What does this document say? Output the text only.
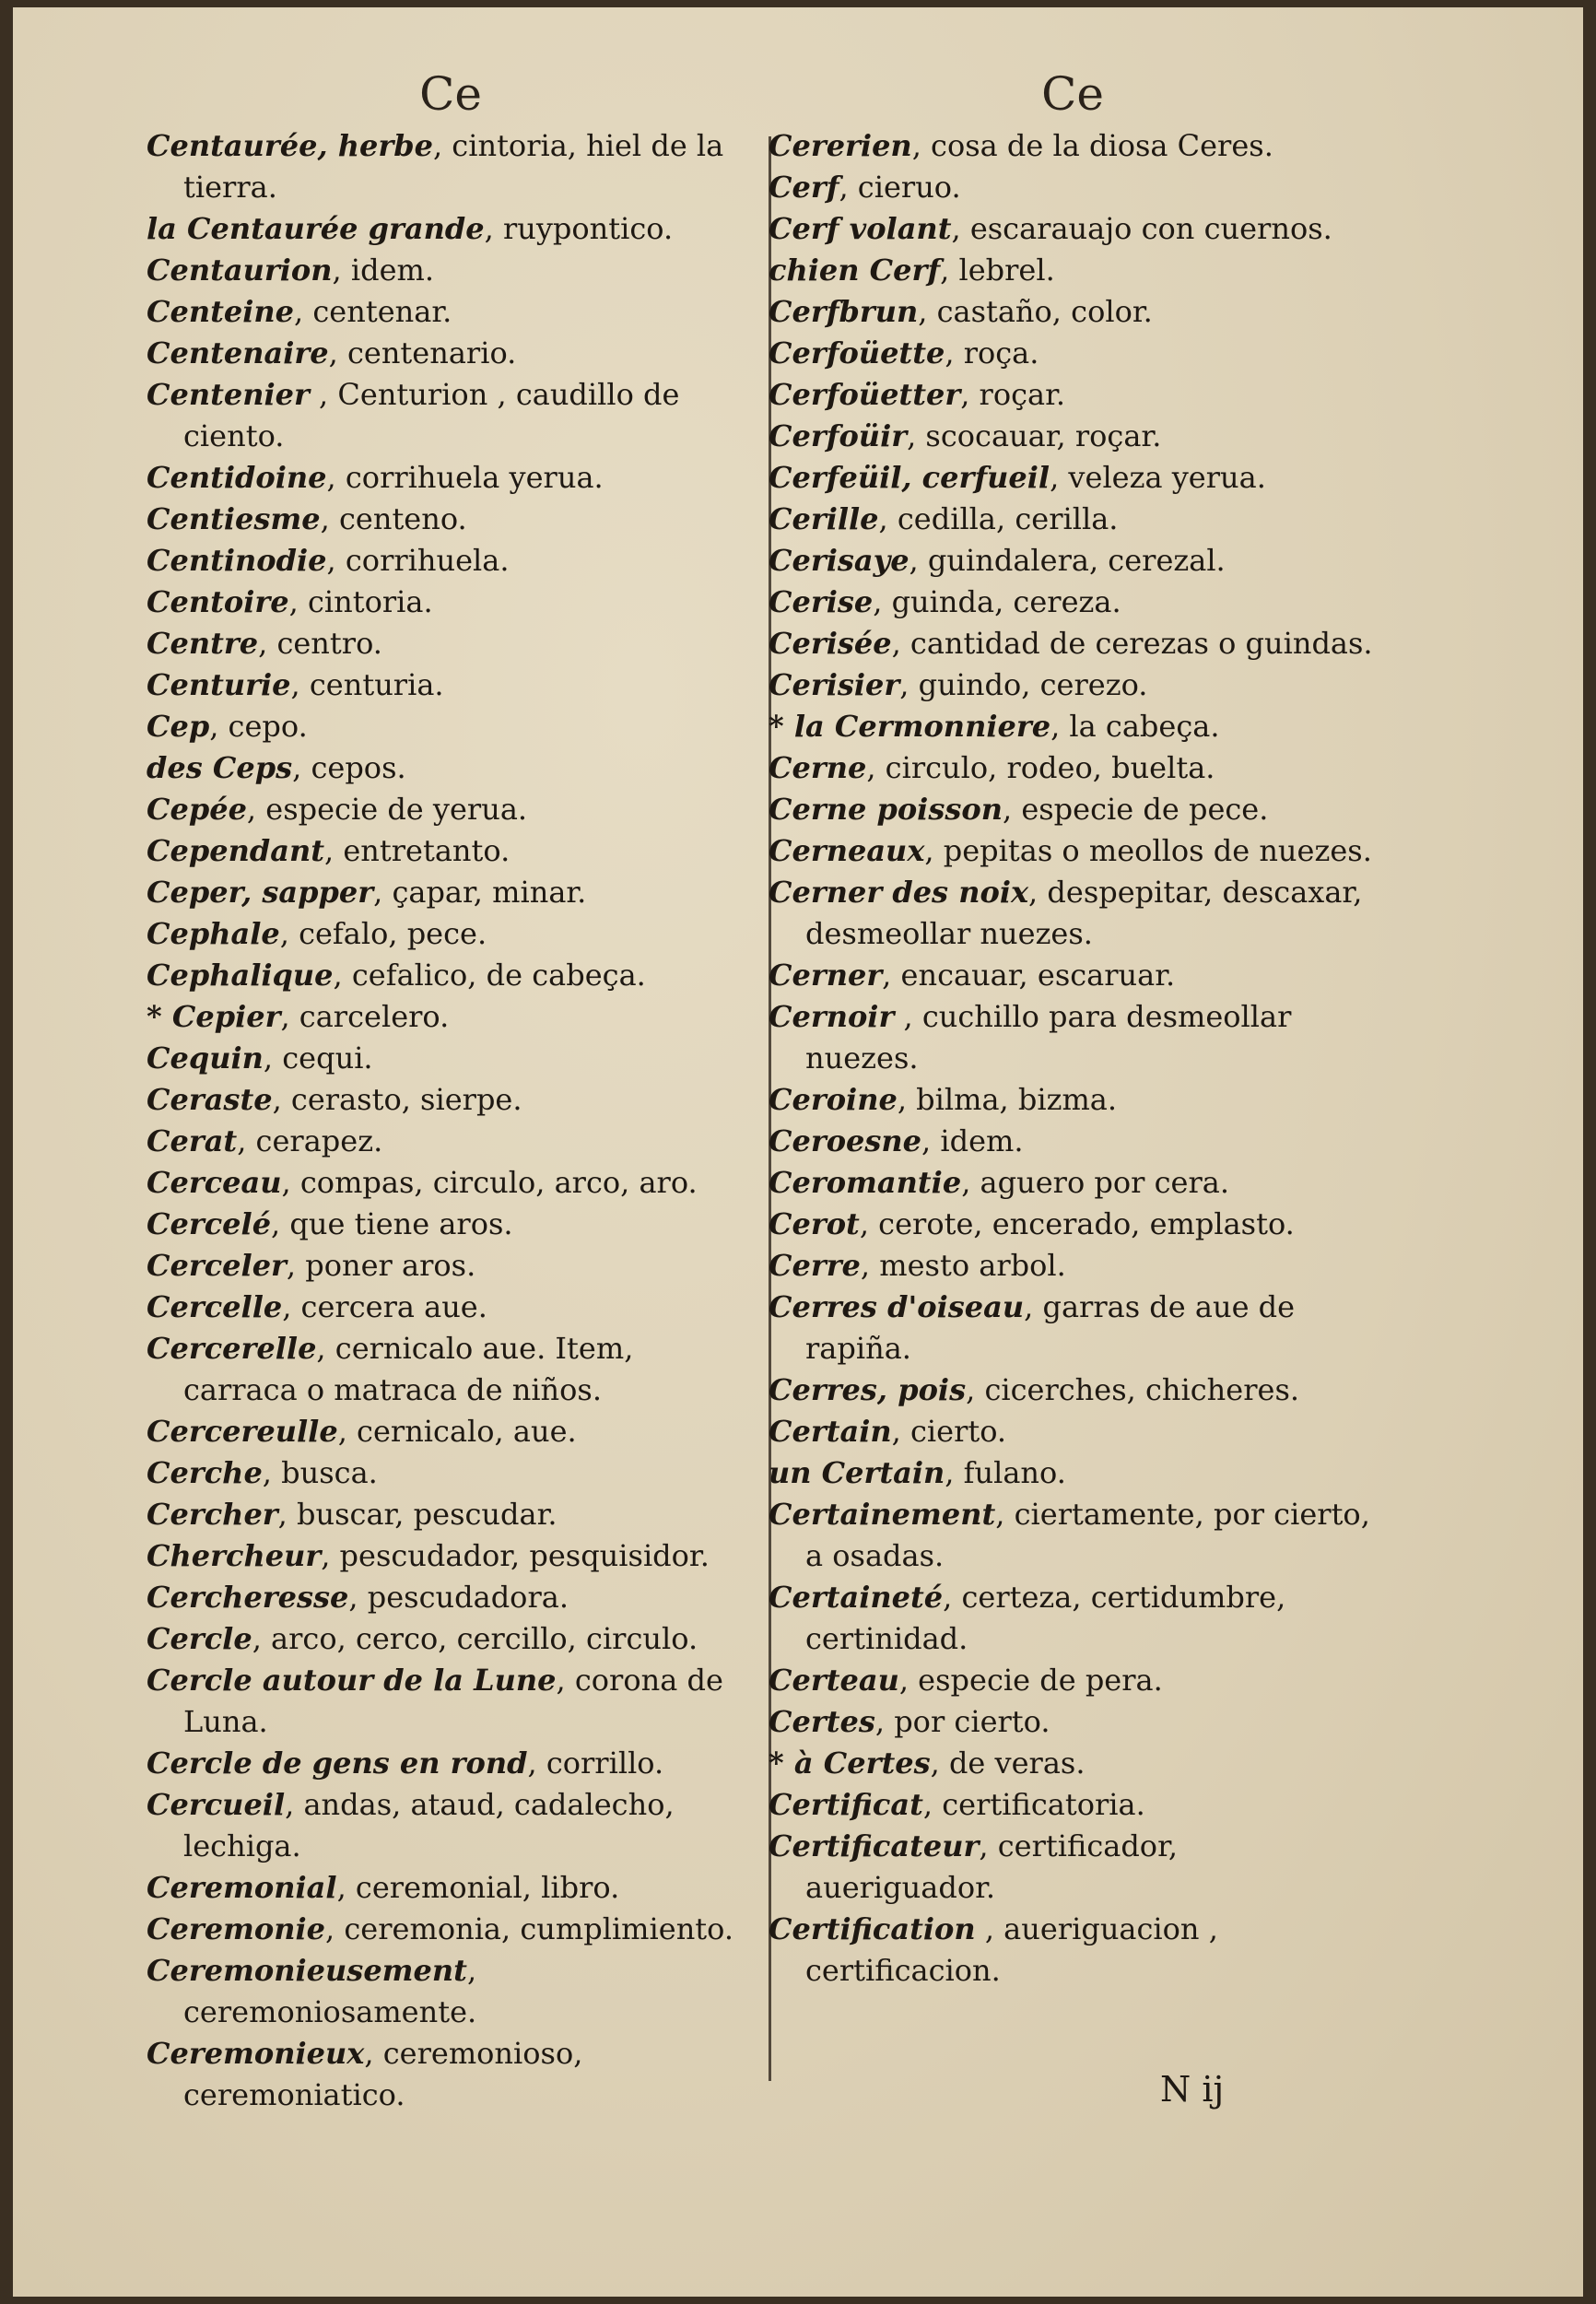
Ce

Centaurée, herbe, cintoria, hiel de la tierra.

la Centaurée grande, ruypontico.

Centaurion, idem.

Centeine, centenar.

Centenaire, centenario.

Centenier , Centurion , caudillo de ciento.

Centidoine, corrihuela yerua.

Centiesme, centeno.

Centinodie, corrihuela.

Centoire, cintoria.

Centre, centro.

Centurie, centuria.

Cep, cepo.

des Ceps, cepos.

Cepée, especie de yerua.

Cependant, entretanto.

Ceper, sapper, çapar, minar.

Cephale, cefalo, pece.

Cephalique, cefalico, de cabeça.

* Cepier, carcelero.

Cequin, cequi.

Ceraste, cerasto, sierpe.

Cerat, cerapez.

Cerceau, compas, circulo, arco, aro.

Cercelé, que tiene aros.

Cerceler, poner aros.

Cercelle, cercera aue.

Cercerelle, cernicalo aue. Item, carraca o matraca de niños.

Cercereulle, cernicalo, aue.

Cerche, busca.

Cercher, buscar, pescudar.

Chercheur, pescudador, pesquisidor.

Cercheresse, pescudadora.

Cercle, arco, cerco, cercillo, circulo.

Cercle autour de la Lune, corona de Luna.

Cercle de gens en rond, corrillo.

Cercueil, andas, ataud, cadalecho, lechiga.

Ceremonial, ceremonial, libro.

Ceremonie, ceremonia, cumplimiento.

Ceremonieusement, ceremoniosamente.

Ceremonieux, ceremonioso, ceremoniatico.

Ce

Cererien, cosa de la diosa Ceres.

Cerf, cieruo.

Cerf volant, escarauajo con cuernos.

chien Cerf, lebrel.

Cerfbrun, castaño, color.

Cerfoüette, roça.

Cerfoüetter, roçar.

Cerfoüir, scocauar, roçar.

Cerfeüil, cerfueil, veleza yerua.

Cerille, cedilla, cerilla.

Cerisaye, guindalera, cerezal.

Cerise, guinda, cereza.

Cerisée, cantidad de cerezas o guindas.

Cerisier, guindo, cerezo.

* la Cermonniere, la cabeça.

Cerne, circulo, rodeo, buelta.

Cerne poisson, especie de pece.

Cerneaux, pepitas o meollos de nuezes.

Cerner des noix, despepitar, descaxar, desmeollar nuezes.

Cerner, encauar, escaruar.

Cernoir , cuchillo para desmeollar nuezes.

Ceroine, bilma, bizma.

Ceroesne, idem.

Ceromantie, aguero por cera.

Cerot, cerote, encerado, emplasto.

Cerre, mesto arbol.

Cerres d'oiseau, garras de aue de rapiña.

Cerres, pois, cicerches, chicheres.

Certain, cierto.

un Certain, fulano.

Certainement, ciertamente, por cierto, a osadas.

Certaineté, certeza, certidumbre, certinidad.

Certeau, especie de pera.

Certes, por cierto.

* à Certes, de veras.

Certificat, certificatoria.

Certificateur, certificador, aueriguador.

Certification , aueriguacion , certificacion.

N ij
